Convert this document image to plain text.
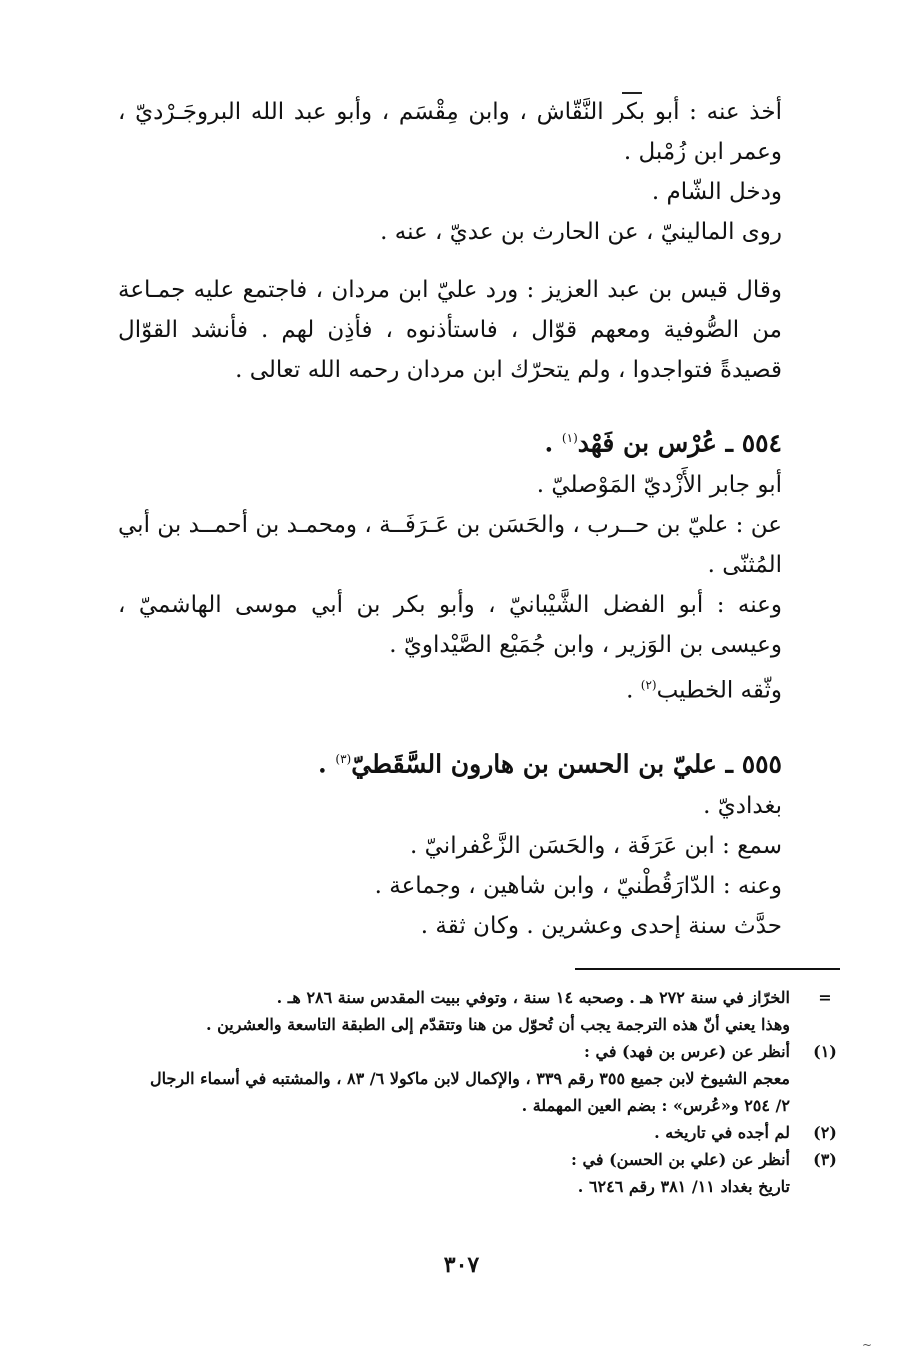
أخذ عنه : أبو بكر النَّقّاش ، وابن مِقْسَم ، وأبو عبد الله البروجَـرْديّ ، وعمر ابن زُمْبل .

ودخل الشّام .

روى المالينيّ ، عن الحارث بن عديّ ، عنه .

وقال قيس بن عبد العزيز : ورد عليّ ابن مردان ، فاجتمع عليه جمـاعة من الصُّوفية ومعهم قوّال ، فاستأذنوه ، فأذِن لهم . فأنشد القوّال قصيدةً فتواجدوا ، ولم يتحرّك ابن مردان رحمه الله تعالى .

٥٥٤ ـ عُرْس بن فَهْد$^{(١)}$ .

أبو جابر الأَزْديّ المَوْصليّ .

عن : عليّ بن حــرب ، والحَسَن بن عَـرَفَــة ، ومحمـد بن أحمــد بن أبي المُثنّى .

وعنه : أبو الفضل الشَّيْبانيّ ، وأبو بكر بن أبي موسى الهاشميّ ، وعيسى بن الوَزير ، وابن جُمَيْع الصَّيْداويّ .

وثّقه الخطيب$^{(٢)}$ .

٥٥٥ ـ عليّ بن الحسن بن هارون السَّقَطيّ$^{(٣)}$ .

بغداديّ .

سمع : ابن عَرَفَة ، والحَسَن الزَّعْفرانيّ .

وعنه : الدّارَقُطْنيّ ، وابن شاهين ، وجماعة .

حدَّث سنة إحدى وعشرين . وكان ثقة .

=
الخرّاز في سنة ٢٧٢ هـ . وصحبه ١٤ سنة ، وتوفي ببيت المقدس سنة ٢٨٦ هـ .
وهذا يعني أنّ هذه الترجمة يجب أن تُحوّل من هنا وتتقدّم إلى الطبقة التاسعة والعشرين .
(١)
أنظر عن (عرس بن فهد) في :
معجم الشيوخ لابن جميع ٣٥٥ رقم ٣٣٩ ، والإكمال لابن ماكولا ٦/ ٨٣ ، والمشتبه في أسماء الرجال ٢/ ٢٥٤ و«عُرس» : بضم العين المهملة .
(٢)
لم أجده في تاريخه .
(٣)
أنظر عن (علي بن الحسن) في :
تاريخ بغداد ١١/ ٣٨١ رقم ٦٢٤٦ .
٣٠٧
~
